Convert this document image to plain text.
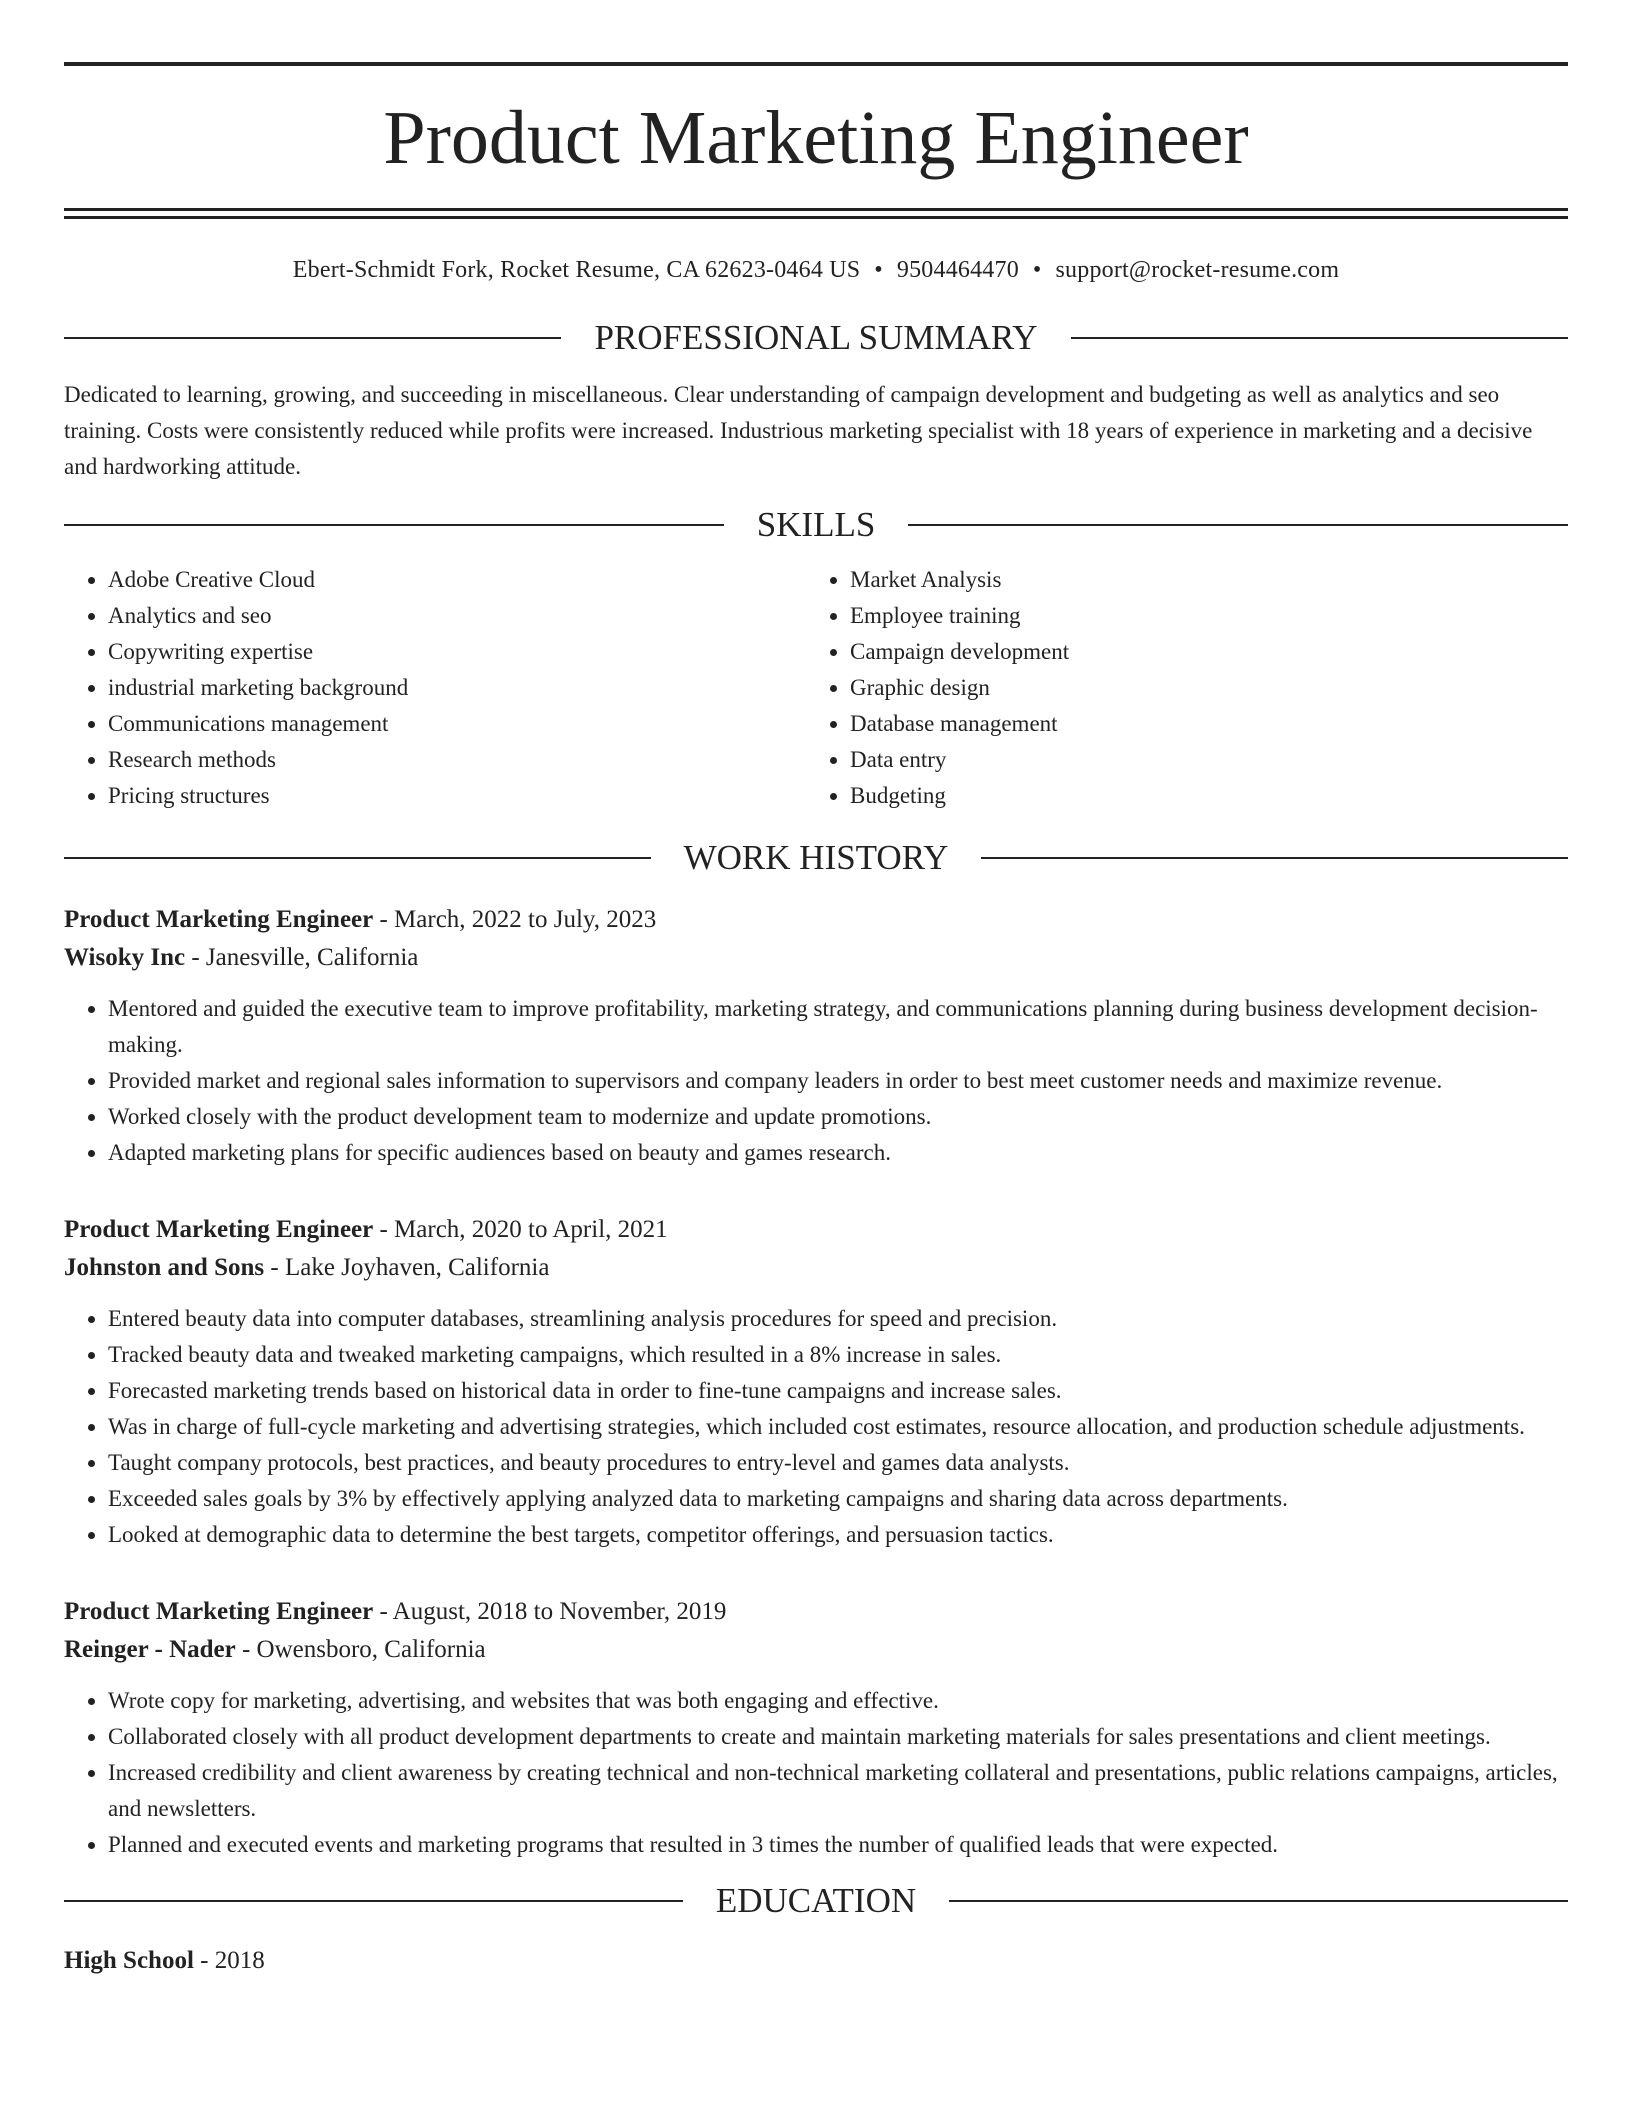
Product Marketing Engineer
Ebert-Schmidt Fork, Rocket Resume, CA 62623-0464 US • 9504464470 • support@rocket-resume.com
PROFESSIONAL SUMMARY

Dedicated to learning, growing, and succeeding in miscellaneous. Clear understanding of campaign development and budgeting as well as analytics and seo training. Costs were consistently reduced while profits were increased. Industrious marketing specialist with 18 years of experience in marketing and a decisive and hardworking attitude.

SKILLS
• Adobe Creative Cloud
• Analytics and seo
• Copywriting expertise
• industrial marketing background
• Communications management
• Research methods
• Pricing structures
• Market Analysis
• Employee training
• Campaign development
• Graphic design
• Database management
• Data entry
• Budgeting
WORK HISTORY
Product Marketing Engineer - March, 2022 to July, 2023
Wisoky Inc - Janesville, California
• Mentored and guided the executive team to improve profitability, marketing strategy, and communications planning during business development decision-making.
• Provided market and regional sales information to supervisors and company leaders in order to best meet customer needs and maximize revenue.
• Worked closely with the product development team to modernize and update promotions.
• Adapted marketing plans for specific audiences based on beauty and games research.
Product Marketing Engineer - March, 2020 to April, 2021
Johnston and Sons - Lake Joyhaven, California
• Entered beauty data into computer databases, streamlining analysis procedures for speed and precision.
• Tracked beauty data and tweaked marketing campaigns, which resulted in a 8% increase in sales.
• Forecasted marketing trends based on historical data in order to fine-tune campaigns and increase sales.
• Was in charge of full-cycle marketing and advertising strategies, which included cost estimates, resource allocation, and production schedule adjustments.
• Taught company protocols, best practices, and beauty procedures to entry-level and games data analysts.
• Exceeded sales goals by 3% by effectively applying analyzed data to marketing campaigns and sharing data across departments.
• Looked at demographic data to determine the best targets, competitor offerings, and persuasion tactics.
Product Marketing Engineer - August, 2018 to November, 2019
Reinger - Nader - Owensboro, California
• Wrote copy for marketing, advertising, and websites that was both engaging and effective.
• Collaborated closely with all product development departments to create and maintain marketing materials for sales presentations and client meetings.
• Increased credibility and client awareness by creating technical and non-technical marketing collateral and presentations, public relations campaigns, articles, and newsletters.
• Planned and executed events and marketing programs that resulted in 3 times the number of qualified leads that were expected.
EDUCATION
High School - 2018
